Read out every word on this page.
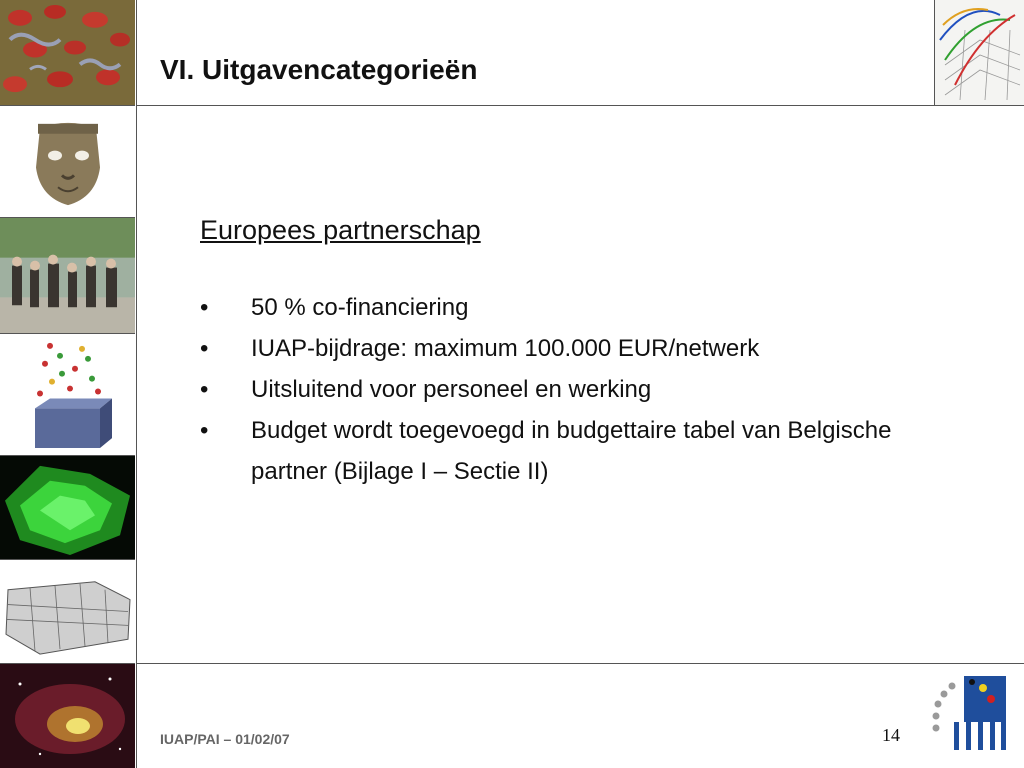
VI. Uitgavencategorieën
Europees partnerschap
• 50 % co-financiering
• IUAP-bijdrage: maximum 100.000 EUR/netwerk
• Uitsluitend voor personeel en werking
• Budget wordt toegevoegd in budgettaire tabel van Belgische partner (Bijlage I – Sectie II)
IUAP/PAI – 01/02/07	14
